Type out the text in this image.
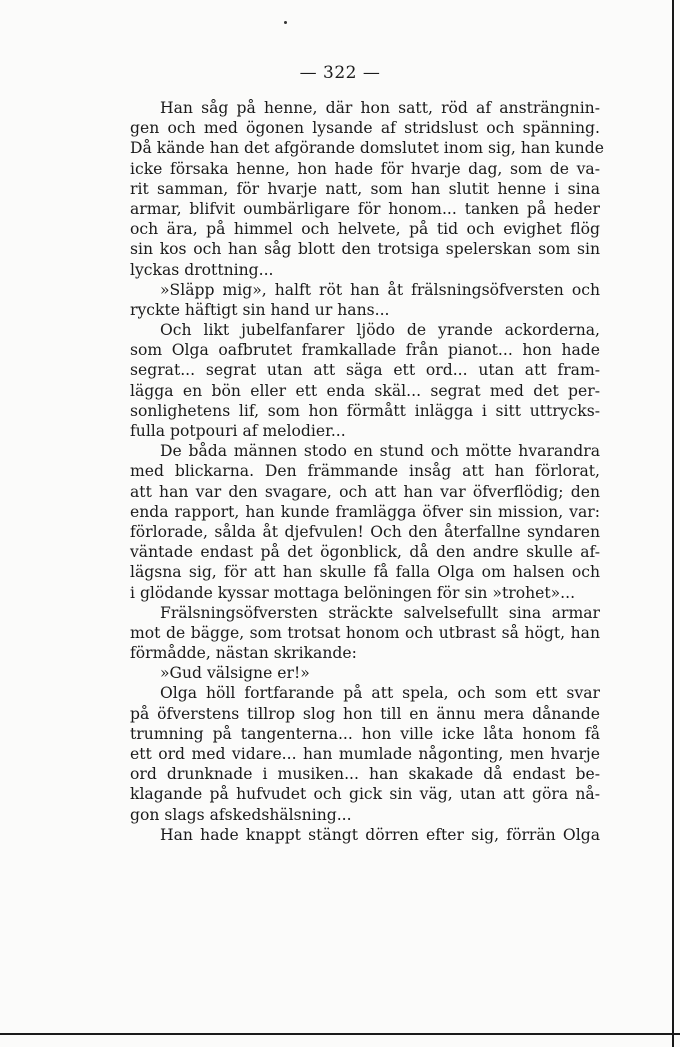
— 322 —
Han såg på henne, där hon satt, röd af ansträngnin-
gen och med ögonen lysande af stridslust och spänning.
Då kände han det afgörande domslutet inom sig, han kunde
icke försaka henne, hon hade för hvarje dag, som de va-
rit samman, för hvarje natt, som han slutit henne i sina
armar, blifvit oumbärligare för honom... tanken på heder
och ära, på himmel och helvete, på tid och evighet flög
sin kos och han såg blott den trotsiga spelerskan som sin
lyckas drottning...
»Släpp mig», halft röt han åt frälsningsöfversten och
ryckte häftigt sin hand ur hans...
Och likt jubelfanfarer ljödo de yrande ackorderna,
som Olga oafbrutet framkallade från pianot... hon hade
segrat... segrat utan att säga ett ord... utan att fram-
lägga en bön eller ett enda skäl... segrat med det per-
sonlighetens lif, som hon förmått inlägga i sitt uttrycks-
fulla potpouri af melodier...
De båda männen stodo en stund och mötte hvarandra
med blickarna. Den främmande insåg att han förlorat,
att han var den svagare, och att han var öfverflödig; den
enda rapport, han kunde framlägga öfver sin mission, var:
förlorade, sålda åt djefvulen! Och den återfallne syndaren
väntade endast på det ögonblick, då den andre skulle af-
lägsna sig, för att han skulle få falla Olga om halsen och
i glödande kyssar mottaga belöningen för sin »trohet»...
Frälsningsöfversten sträckte salvelsefullt sina armar
mot de bägge, som trotsat honom och utbrast så högt, han
förmådde, nästan skrikande:
»Gud välsigne er!»
Olga höll fortfarande på att spela, och som ett svar
på öfverstens tillrop slog hon till en ännu mera dånande
trumning på tangenterna... hon ville icke låta honom få
ett ord med vidare... han mumlade någonting, men hvarje
ord drunknade i musiken... han skakade då endast be-
klagande på hufvudet och gick sin väg, utan att göra nå-
gon slags afskedshälsning...
Han hade knappt stängt dörren efter sig, förrän Olga
